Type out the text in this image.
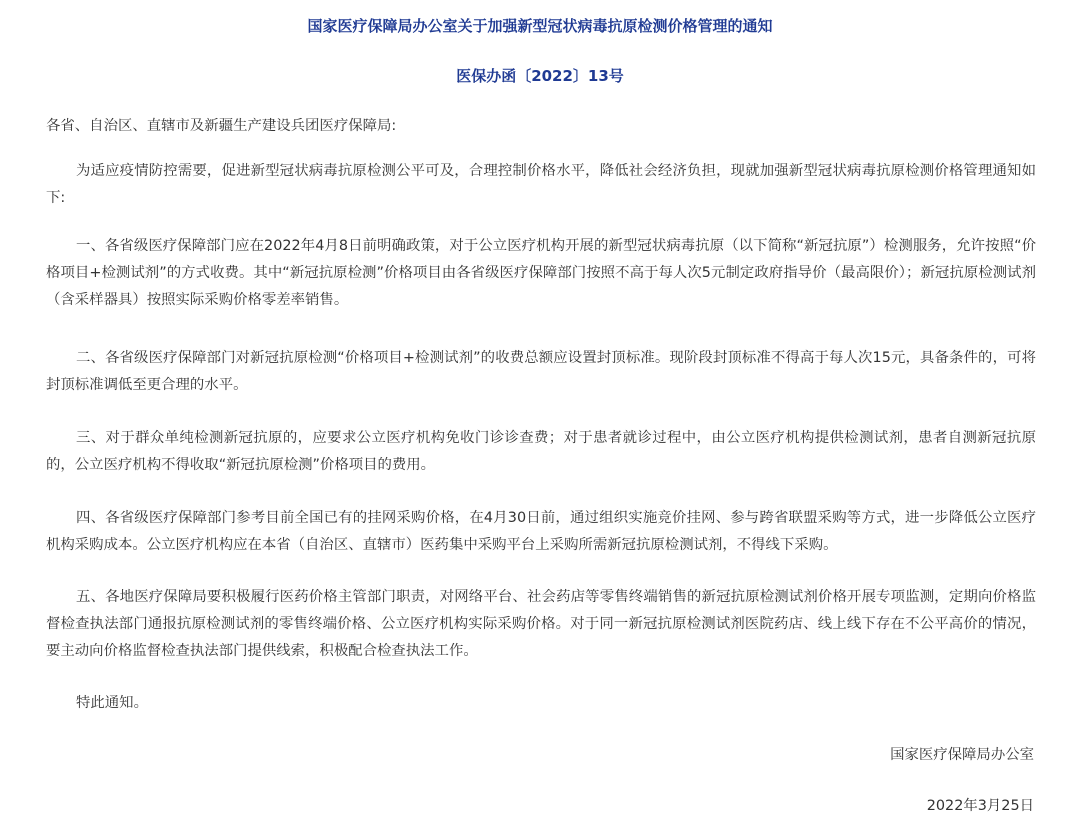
国家医疗保障局办公室关于加强新型冠状病毒抗原检测价格管理的通知
医保办函〔2022〕13号
各省、自治区、直辖市及新疆生产建设兵团医疗保障局:

为适应疫情防控需要，促进新型冠状病毒抗原检测公平可及，合理控制价格水平，降低社会经济负担，现就加强新型冠状病毒抗原检测价格管理通知如下:

一、各省级医疗保障部门应在2022年4月8日前明确政策，对于公立医疗机构开展的新型冠状病毒抗原（以下简称“新冠抗原”）检测服务，允许按照“价格项目+检测试剂”的方式收费。其中“新冠抗原检测”价格项目由各省级医疗保障部门按照不高于每人次5元制定政府指导价（最高限价）；新冠抗原检测试剂（含采样器具）按照实际采购价格零差率销售。

二、各省级医疗保障部门对新冠抗原检测“价格项目+检测试剂”的收费总额应设置封顶标准。现阶段封顶标准不得高于每人次15元，具备条件的，可将封顶标准调低至更合理的水平。

三、对于群众单纯检测新冠抗原的，应要求公立医疗机构免收门诊诊查费；对于患者就诊过程中，由公立医疗机构提供检测试剂，患者自测新冠抗原的，公立医疗机构不得收取“新冠抗原检测”价格项目的费用。

四、各省级医疗保障部门参考目前全国已有的挂网采购价格，在4月30日前，通过组织实施竞价挂网、参与跨省联盟采购等方式，进一步降低公立医疗机构采购成本。公立医疗机构应在本省（自治区、直辖市）医药集中采购平台上采购所需新冠抗原检测试剂，不得线下采购。

五、各地医疗保障局要积极履行医药价格主管部门职责，对网络平台、社会药店等零售终端销售的新冠抗原检测试剂价格开展专项监测，定期向价格监督检查执法部门通报抗原检测试剂的零售终端价格、公立医疗机构实际采购价格。对于同一新冠抗原检测试剂医院药店、线上线下存在不公平高价的情况，要主动向价格监督检查执法部门提供线索，积极配合检查执法工作。

特此通知。

国家医疗保障局办公室
2022年3月25日
